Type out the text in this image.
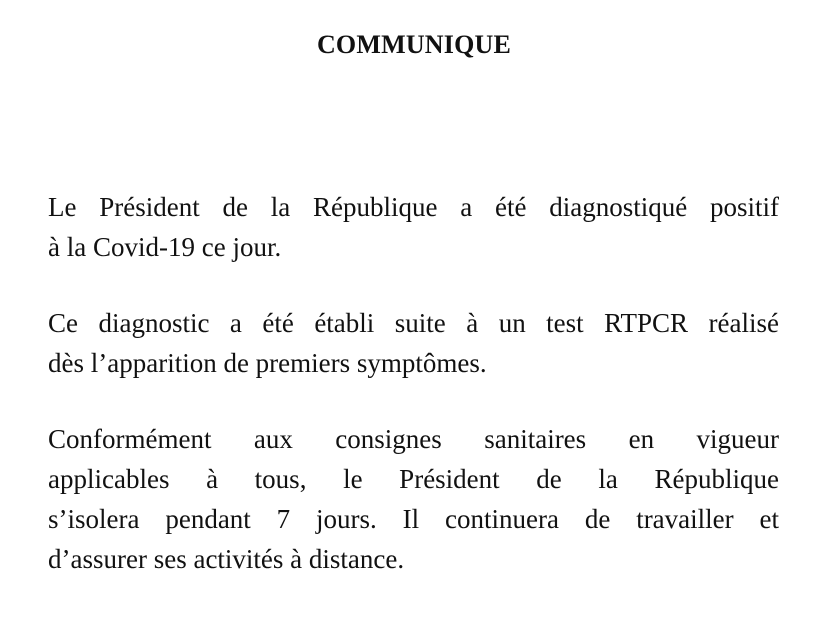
COMMUNIQUE

Le Président de la République a été diagnostiqué positif
à la Covid-19 ce jour.

Ce diagnostic a été établi suite à un test RTPCR réalisé
dès l’apparition de premiers symptômes.

Conformément aux consignes sanitaires en vigueur
applicables à tous, le Président de la République
s’isolera pendant 7 jours. Il continuera de travailler et
d’assurer ses activités à distance.
